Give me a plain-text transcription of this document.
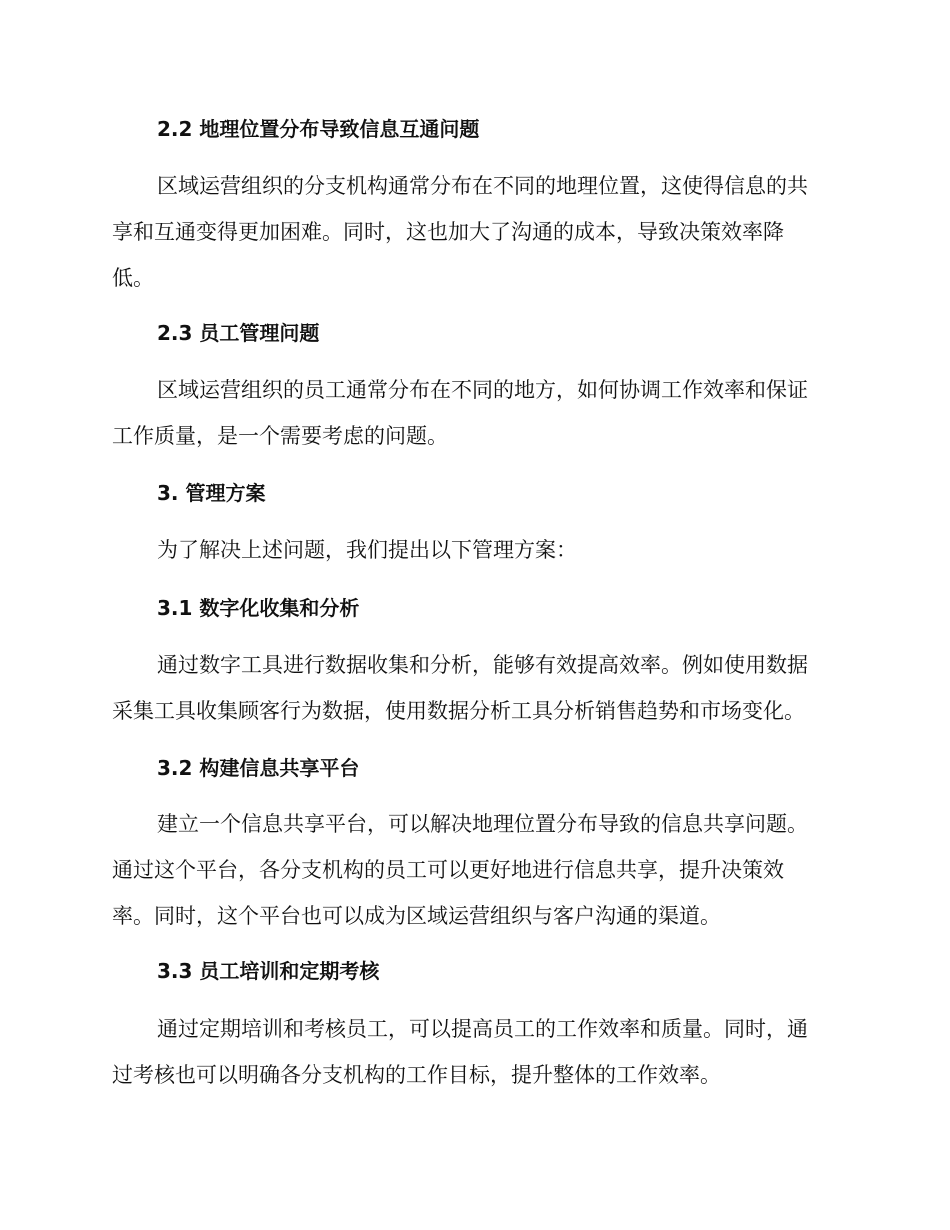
2.2 地理位置分布导致信息互通问题
区域运营组织的分支机构通常分布在不同的地理位置，这使得信息的共
享和互通变得更加困难。同时，这也加大了沟通的成本，导致决策效率降
低。
2.3 员工管理问题
区域运营组织的员工通常分布在不同的地方，如何协调工作效率和保证
工作质量，是一个需要考虑的问题。
3. 管理方案
为了解决上述问题，我们提出以下管理方案：
3.1 数字化收集和分析
通过数字工具进行数据收集和分析，能够有效提高效率。例如使用数据
采集工具收集顾客行为数据，使用数据分析工具分析销售趋势和市场变化。
3.2 构建信息共享平台
建立一个信息共享平台，可以解决地理位置分布导致的信息共享问题。
通过这个平台，各分支机构的员工可以更好地进行信息共享，提升决策效
率。同时，这个平台也可以成为区域运营组织与客户沟通的渠道。
3.3 员工培训和定期考核
通过定期培训和考核员工，可以提高员工的工作效率和质量。同时，通
过考核也可以明确各分支机构的工作目标，提升整体的工作效率。
